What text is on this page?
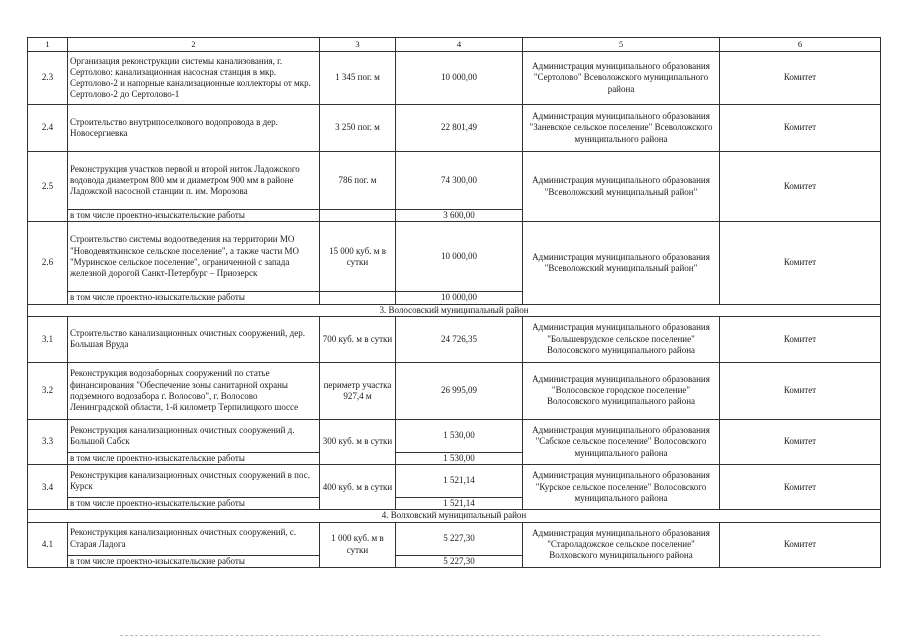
1	2	3	4	5	6
2.3	Организация реконструкции системы канализования, г. Сертолово: канализационная насосная станция в мкр. Сертолово-2 и напорные канализационные коллекторы от мкр. Сертолово-2 до Сертолово-1	1 345 пог. м	10 000,00	Администрация муниципального образования "Сертолово" Всеволожского муниципального района	Комитет
2.4	Строительство внутрипоселкового водопровода в дер. Новосергиевка	3 250 пог. м	22 801,49	Администрация муниципального образования "Заневское сельское поселение" Всеволожского муниципального района	Комитет
2.5	Реконструкция участков первой и второй ниток Ладожского водовода диаметром 800 мм и диаметром 900 мм в районе Ладожской насосной станции п. им. Морозова	786 пог. м	74 300,00	Администрация муниципального образования "Всеволожский муниципальный район"	Комитет
	в том числе проектно-изыскательские работы		3 600,00		
2.6	Строительство системы водоотведения на территории МО "Новодевяткинское сельское поселение", а также части МО "Муринское сельское поселение", ограниченной с запада железной дорогой Санкт-Петербург – Приозерск	15 000 куб. м в сутки	10 000,00	Администрация муниципального образования "Всеволожский муниципальный район"	Комитет
	в том числе проектно-изыскательские работы		10 000,00		
3. Волосовский муниципальный район					
3.1	Строительство канализационных очистных сооружений, дер. Большая Вруда	700 куб. м в сутки	24 726,35	Администрация муниципального образования "Большеврудское сельское поселение" Волосовского муниципального района	Комитет
3.2	Реконструкция водозаборных сооружений по статье финансирования "Обеспечение зоны санитарной охраны подземного водозабора г. Волосово", г. Волосово Ленинградской области, 1-й километр Терпилицкого шоссе	периметр участка 927,4 м	26 995,09	Администрация муниципального образования "Волосовское городское поселение" Волосовского муниципального района	Комитет
3.3	Реконструкция канализационных очистных сооружений д. Большой Сабск	300 куб. м в сутки	1 530,00	Администрация муниципального образования "Сабское сельское поселение" Волосовского муниципального района	Комитет
	в том числе проектно-изыскательские работы		1 530,00		
3.4	Реконструкция канализационных очистных сооружений в пос. Курск	400 куб. м в сутки	1 521,14	Администрация муниципального образования "Курское сельское поселение" Волосовского муниципального района	Комитет
	в том числе проектно-изыскательские работы		1 521,14		
4. Волховский муниципальный район					
4.1	Реконструкция канализационных очистных сооружений, с. Старая Ладога	1 000 куб. м в сутки	5 227,30	Администрация муниципального образования "Староладожское сельское поселение" Волховского муниципального района	Комитет
	в том числе проектно-изыскательские работы		5 227,30		
